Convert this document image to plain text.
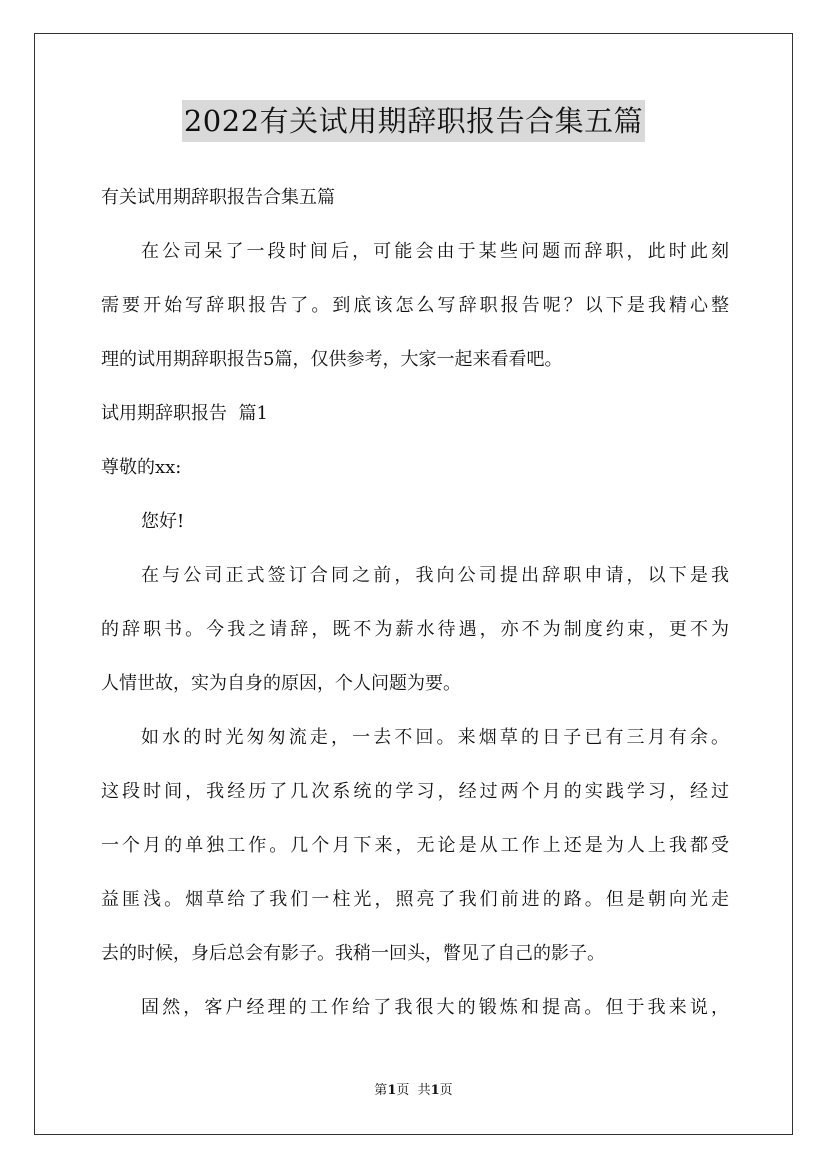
2022有关试用期辞职报告合集五篇
有关试用期辞职报告合集五篇
在公司呆了一段时间后，可能会由于某些问题而辞职，此时此刻
需要开始写辞职报告了。到底该怎么写辞职报告呢？以下是我精心整
理的试用期辞职报告5篇，仅供参考，大家一起来看看吧。
试用期辞职报告  篇1
尊敬的xx:
您好!
在与公司正式签订合同之前，我向公司提出辞职申请，以下是我
的辞职书。今我之请辞，既不为薪水待遇，亦不为制度约束，更不为
人情世故，实为自身的原因，个人问题为要。
如水的时光匆匆流走，一去不回。来烟草的日子已有三月有余。
这段时间，我经历了几次系统的学习，经过两个月的实践学习，经过
一个月的单独工作。几个月下来，无论是从工作上还是为人上我都受
益匪浅。烟草给了我们一柱光，照亮了我们前进的路。但是朝向光走
去的时候，身后总会有影子。我稍一回头，瞥见了自己的影子。
固然，客户经理的工作给了我很大的锻炼和提高。但于我来说，
第1页  共1页
